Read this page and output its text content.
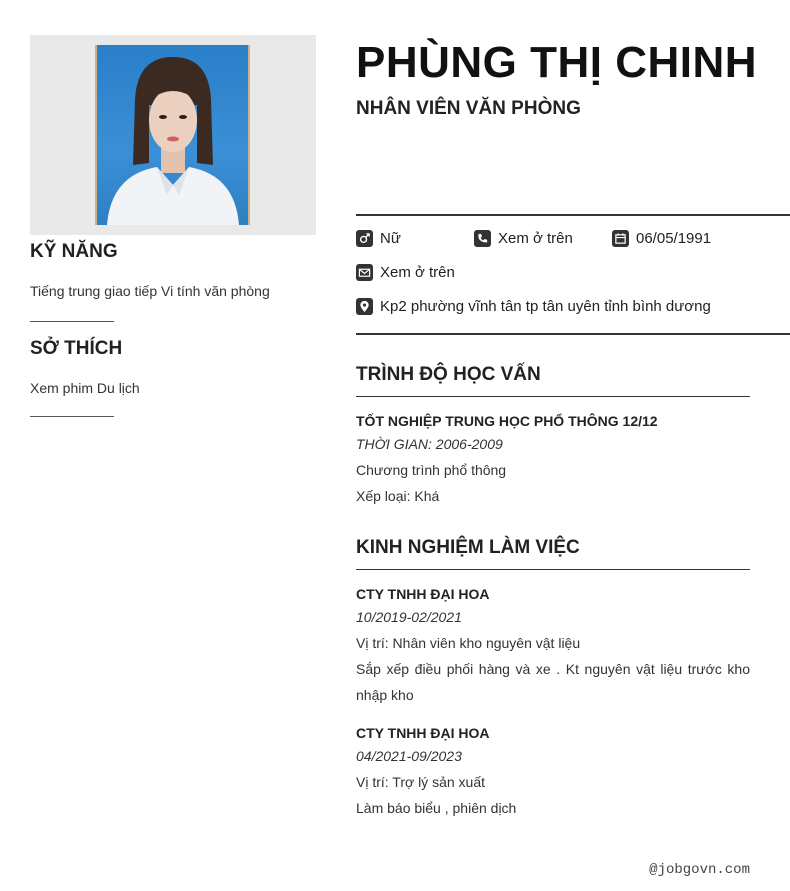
KỸ NĂNG
Tiếng trung giao tiếp Vi tính văn phòng
SỞ THÍCH
Xem phim Du lịch
PHÙNG THỊ CHINH
NHÂN VIÊN VĂN PHÒNG
Nữ	Xem ở trên	06/05/1991
Xem ở trên
Kp2 phường vĩnh tân tp tân uyên tỉnh bình dương
TRÌNH ĐỘ HỌC VẤN
TỐT NGHIỆP TRUNG HỌC PHỔ THÔNG 12/12
THỜI GIAN: 2006-2009
Chương trình phổ thông
Xếp loại: Khá
KINH NGHIỆM LÀM VIỆC
CTY TNHH ĐẠI HOA
10/2019-02/2021
Vị trí: Nhân viên kho nguyên vật liệu
Sắp xếp điều phối hàng và xe . Kt nguyên vật liệu trước kho nhập kho
CTY TNHH ĐẠI HOA
04/2021-09/2023
Vị trí: Trợ lý sản xuất
Làm báo biểu , phiên dịch
@jobgovn.com
